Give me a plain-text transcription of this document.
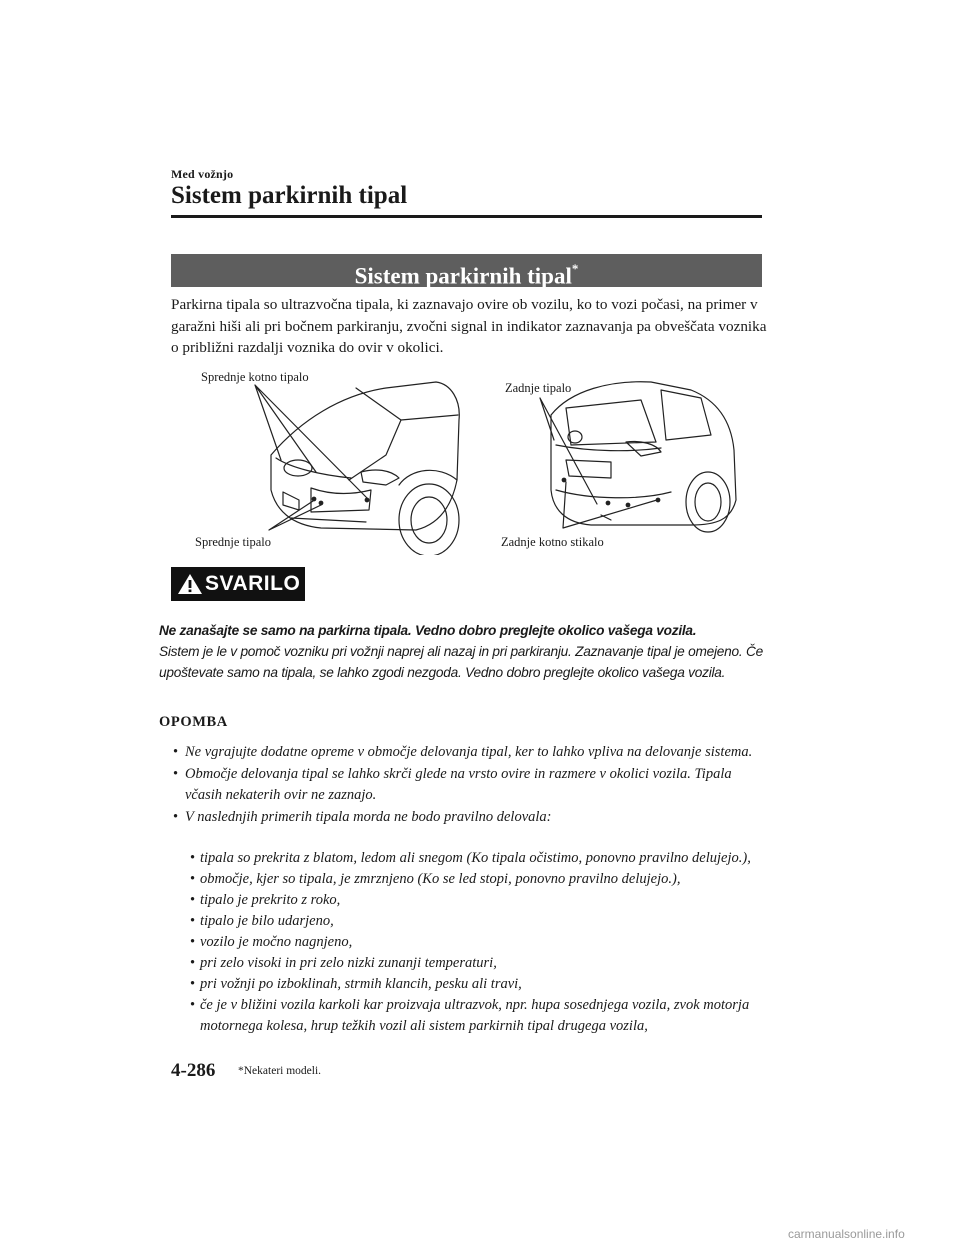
Med vožnjo
Sistem parkirnih tipal
Sistem parkirnih tipal*
Parkirna tipala so ultrazvočna tipala, ki zaznavajo ovire ob vozilu, ko to vozi počasi, na primer v garažni hiši ali pri bočnem parkiranju, zvočni signal in indikator zaznavanja pa obveščata voznika o približni razdalji voznika do ovir v okolici.
Sprednje kotno tipalo
Sprednje tipalo
Zadnje tipalo
Zadnje kotno stikalo
SVARILO
Ne zanašajte se samo na parkirna tipala. Vedno dobro preglejte okolico vašega vozila.
Sistem je le v pomoč vozniku pri vožnji naprej ali nazaj in pri parkiranju. Zaznavanje tipal je omejeno. Če upoštevate samo na tipala, se lahko zgodi nezgoda. Vedno dobro preglejte okolico vašega vozila.
OPOMBA
• Ne vgrajujte dodatne opreme v območje delovanja tipal, ker to lahko vpliva na delovanje sistema.
• Območje delovanja tipal se lahko skrči glede na vrsto ovire in razmere v okolici vozila. Tipala včasih nekaterih ovir ne zaznajo.
• V naslednjih primerih tipala morda ne bodo pravilno delovala:
• tipala so prekrita z blatom, ledom ali snegom (Ko tipala očistimo, ponovno pravilno delujejo.),
• območje, kjer so tipala, je zmrznjeno (Ko se led stopi, ponovno pravilno delujejo.),
• tipalo je prekrito z roko,
• tipalo je bilo udarjeno,
• vozilo je močno nagnjeno,
• pri zelo visoki in pri zelo nizki zunanji temperaturi,
• pri vožnji po izboklinah, strmih klancih, pesku ali travi,
• če je v bližini vozila karkoli kar proizvaja ultrazvok, npr. hupa sosednjega vozila, zvok motorja motornega kolesa, hrup težkih vozil ali sistem parkirnih tipal drugega vozila,
4-286 *Nekateri modeli.
carmanualsonline.info
